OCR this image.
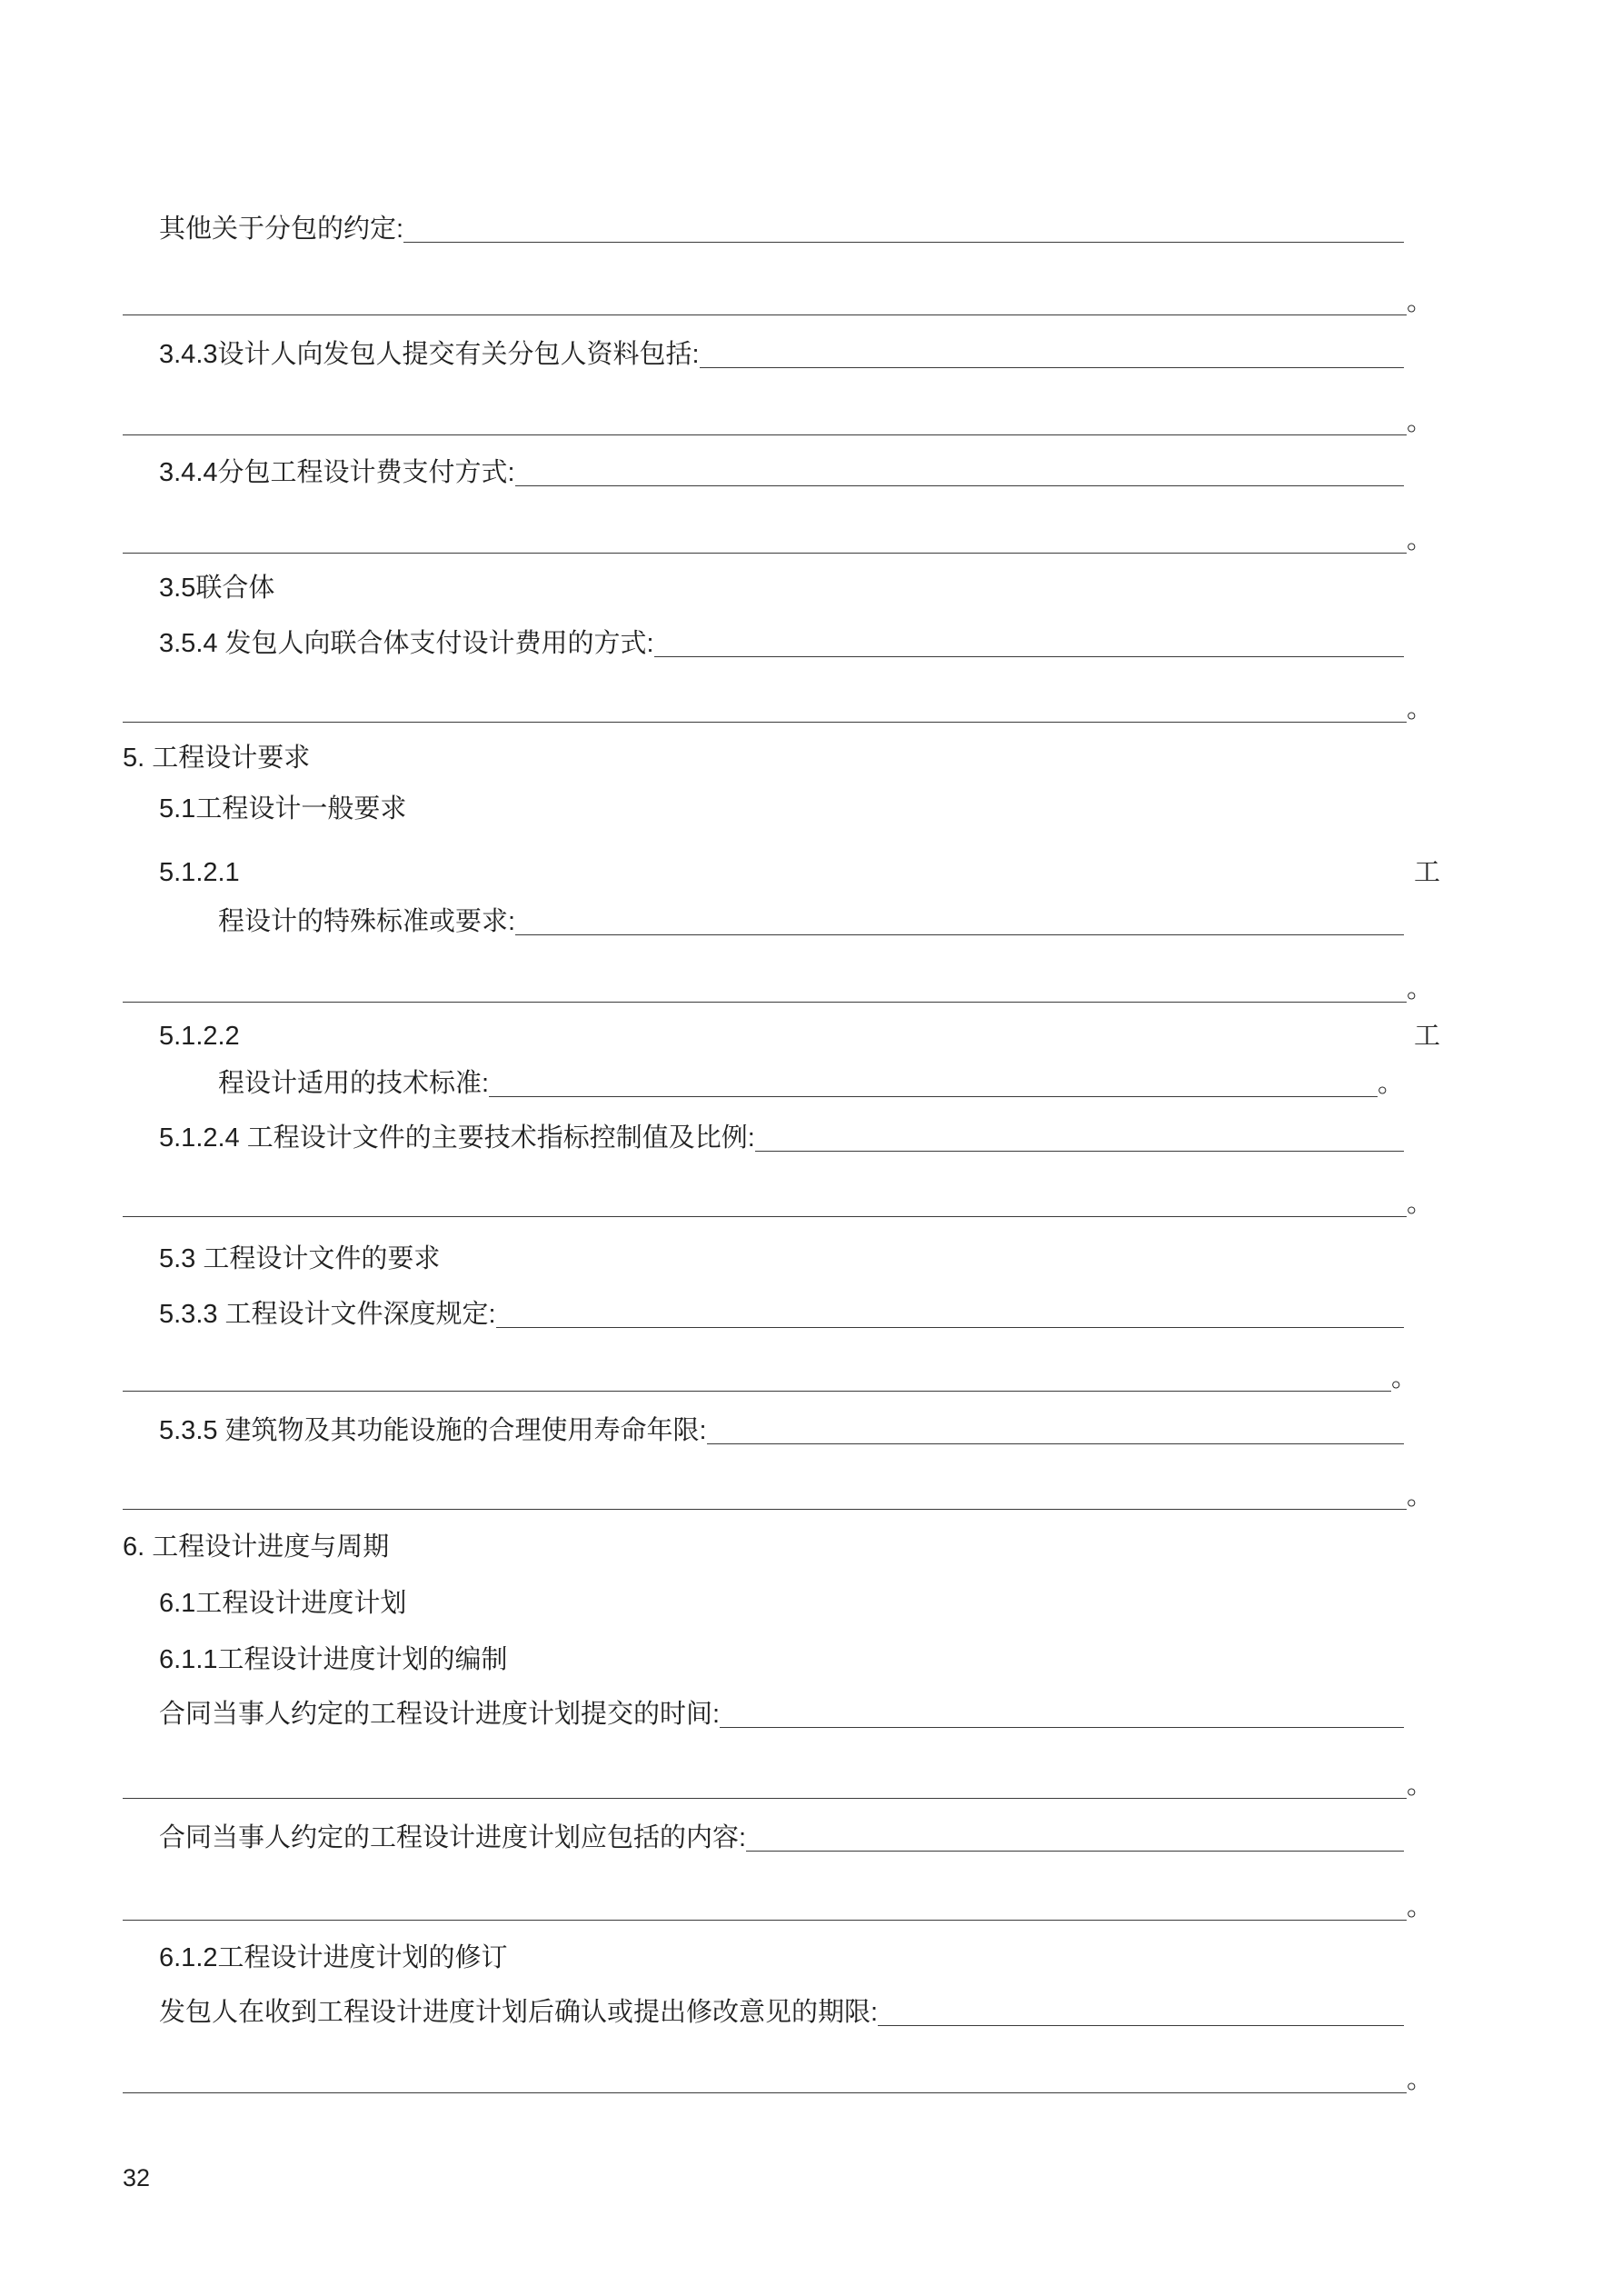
其他关于分包的约定:
。
3.4.3设计人向发包人提交有关分包人资料包括:
。
3.4.4分包工程设计费支付方式:
。
3.5联合体
3.5.4 发包人向联合体支付设计费用的方式:
。
5. 工程设计要求
5.1工程设计一般要求
5.1.2.1	工
程设计的特殊标准或要求:
。
5.1.2.2	工
程设计适用的技术标准:	。
5.1.2.4 工程设计文件的主要技术指标控制值及比例:
。
5.3 工程设计文件的要求
5.3.3 工程设计文件深度规定:
。
5.3.5 建筑物及其功能设施的合理使用寿命年限:
。
6. 工程设计进度与周期
6.1工程设计进度计划
6.1.1工程设计进度计划的编制
合同当事人约定的工程设计进度计划提交的时间:
。
合同当事人约定的工程设计进度计划应包括的内容:
。
6.1.2工程设计进度计划的修订
发包人在收到工程设计进度计划后确认或提出修改意见的期限:
。
32
